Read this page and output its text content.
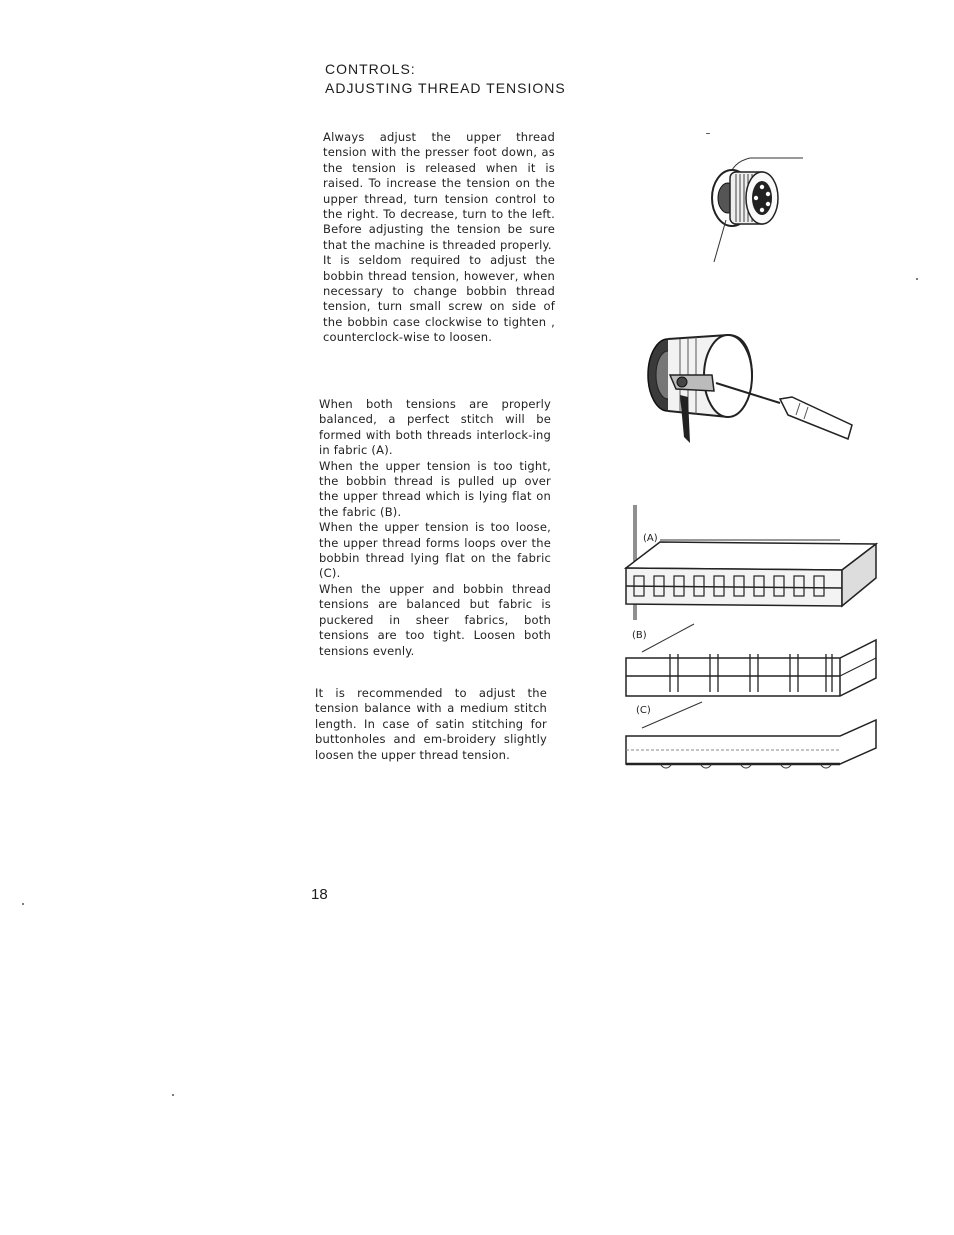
CONTROLS:
ADJUSTING THREAD TENSIONS

Always adjust the upper thread tension with the presser foot down, as the tension is released when it is raised. To increase the tension on the upper thread, turn tension control to the right. To decrease, turn to the left. Before adjusting the tension be sure that the machine is threaded properly.

It is seldom required to adjust the bobbin thread tension, however, when necessary to change bobbin thread tension, turn small screw on side of the bobbin case clockwise to tighten , counterclock-wise to loosen.

When both tensions are properly balanced, a perfect stitch will be formed with both threads interlock-ing in fabric (A).

When the upper tension is too tight, the bobbin thread is pulled up over the upper thread which is lying flat on the fabric (B).

When the upper tension is too loose, the upper thread forms loops over the bobbin thread lying flat on the fabric (C).

When the upper and bobbin thread tensions are balanced but fabric is puckered in sheer fabrics, both tensions are too tight. Loosen both tensions evenly.

It is recommended to adjust the tension balance with a medium stitch length. In case of satin stitching for buttonholes and em-broidery slightly loosen the upper thread tension.

(A)
(B)
(C)
18
